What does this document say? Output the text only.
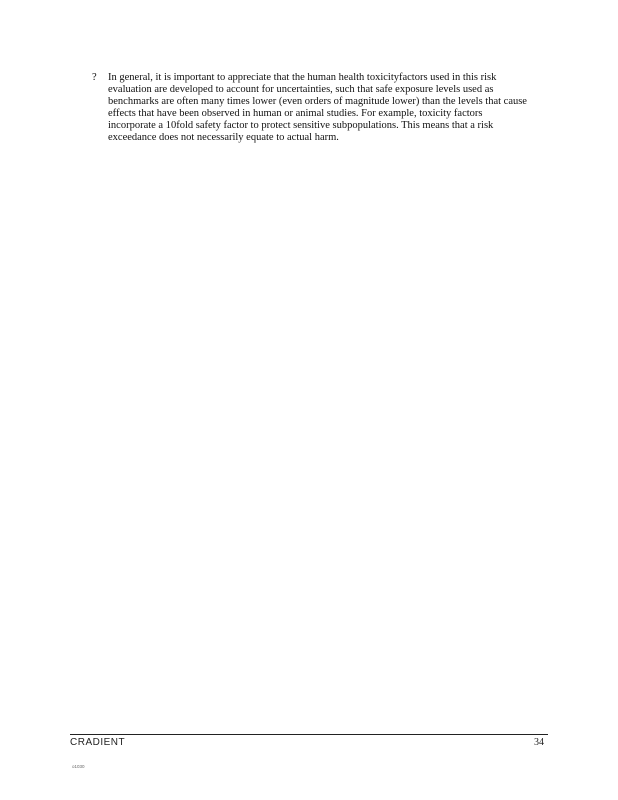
?	In general, it is important to appreciate that the human health toxicityfactors used in this risk
evaluation are developed to account for uncertainties, such that safe exposure levels used as
benchmarks are often many times lower (even orders of magnitude lower) than the levels that cause
effects that have been observed in human or animal studies. For example, toxicity factors
incorporate a 10fold safety factor to protect sensitive subpopulations. This means that a risk
exceedance does not necessarily equate to actual harm.
CRADIENT	34
o1030
